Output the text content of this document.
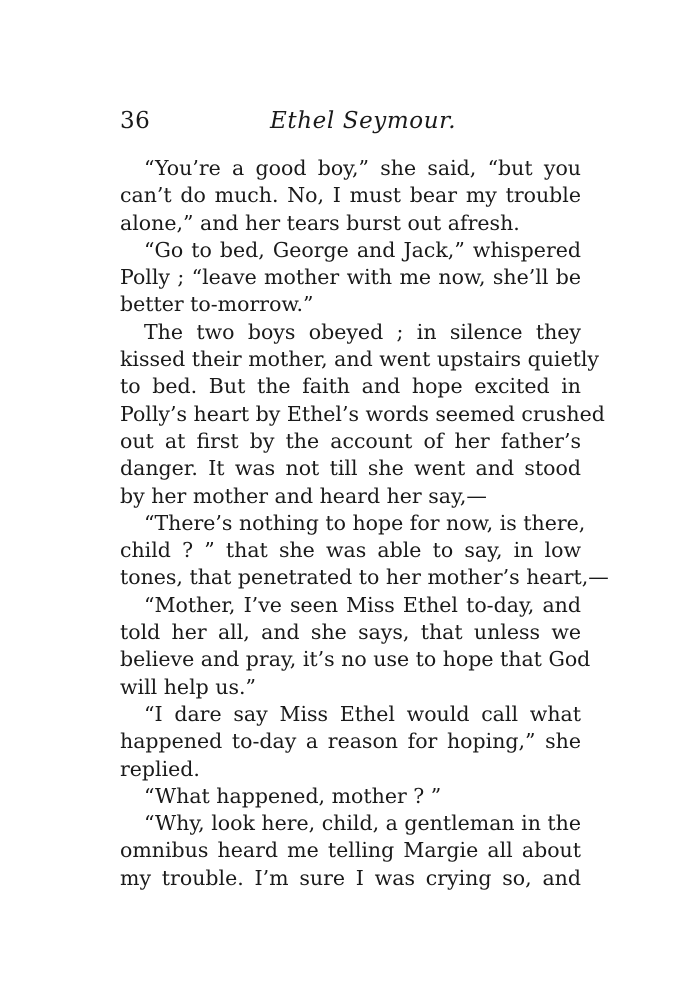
36	Ethel Seymour.
“You’re a good boy,” she said, “but you
can’t do much. No, I must bear my trouble
alone,” and her tears burst out afresh.
“Go to bed, George and Jack,” whispered
Polly ; “leave mother with me now, she’ll be
better to-morrow.”
The two boys obeyed ; in silence they
kissed their mother, and went upstairs quietly
to bed. But the faith and hope excited in
Polly’s heart by Ethel’s words seemed crushed
out at first by the account of her father’s
danger. It was not till she went and stood
by her mother and heard her say,—
“There’s nothing to hope for now, is there,
child ? ” that she was able to say, in low
tones, that penetrated to her mother’s heart,—
“Mother, I’ve seen Miss Ethel to-day, and
told her all, and she says, that unless we
believe and pray, it’s no use to hope that God
will help us.”
“I dare say Miss Ethel would call what
happened to-day a reason for hoping,” she
replied.
“What happened, mother ? ”
“Why, look here, child, a gentleman in the
omnibus heard me telling Margie all about
my trouble. I’m sure I was crying so, and
